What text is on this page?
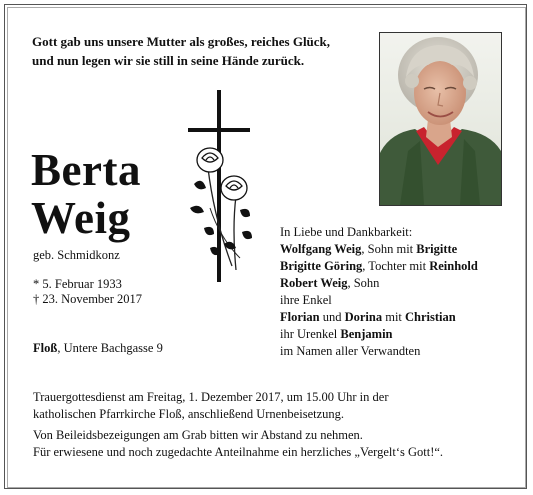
Gott gab uns unsere Mutter als großes, reiches Glück,
und nun legen wir sie still in seine Hände zurück.
Berta
Weig
geb. Schmidkonz
* 5. Februar 1933
† 23. November 2017
Floß, Untere Bachgasse 9
In Liebe und Dankbarkeit:
Wolfgang Weig, Sohn mit Brigitte
Brigitte Göring, Tochter mit Reinhold
Robert Weig, Sohn
ihre Enkel
Florian und Dorina mit Christian
ihr Urenkel Benjamin
im Namen aller Verwandten
Trauergottesdienst am Freitag, 1. Dezember 2017, um 15.00 Uhr in der
katholischen Pfarrkirche Floß, anschließend Urnenbeisetzung.
Von Beileidsbezeigungen am Grab bitten wir Abstand zu nehmen.
Für erwiesene und noch zugedachte Anteilnahme ein herzliches „Vergelt‘s Gott!“.
